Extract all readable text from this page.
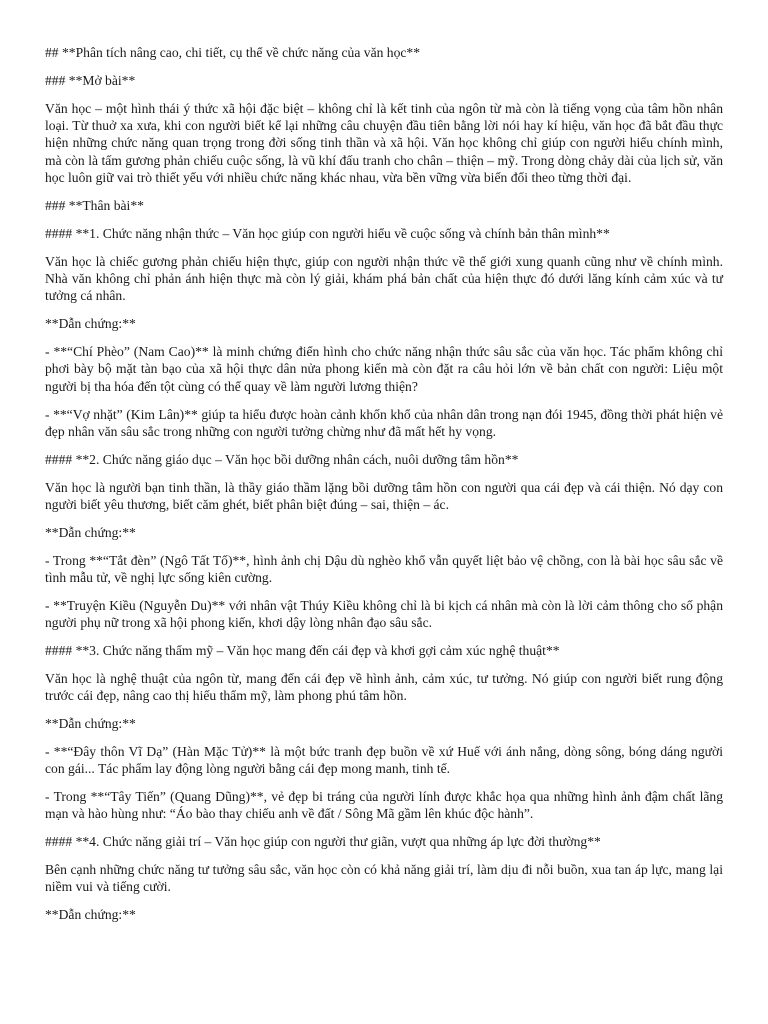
## **Phân tích nâng cao, chi tiết, cụ thể về chức năng của văn học**

### **Mở bài**

Văn học – một hình thái ý thức xã hội đặc biệt – không chỉ là kết tinh của ngôn từ mà còn là tiếng vọng của tâm hồn nhân loại. Từ thuở xa xưa, khi con người biết kể lại những câu chuyện đầu tiên bằng lời nói hay kí hiệu, văn học đã bắt đầu thực hiện những chức năng quan trọng trong đời sống tinh thần và xã hội. Văn học không chỉ giúp con người hiểu chính mình, mà còn là tấm gương phản chiếu cuộc sống, là vũ khí đấu tranh cho chân – thiện – mỹ. Trong dòng chảy dài của lịch sử, văn học luôn giữ vai trò thiết yếu với nhiều chức năng khác nhau, vừa bền vững vừa biến đổi theo từng thời đại.

### **Thân bài**

#### **1. Chức năng nhận thức – Văn học giúp con người hiểu về cuộc sống và chính bản thân mình**

Văn học là chiếc gương phản chiếu hiện thực, giúp con người nhận thức về thế giới xung quanh cũng như về chính mình. Nhà văn không chỉ phản ánh hiện thực mà còn lý giải, khám phá bản chất của hiện thực đó dưới lăng kính cảm xúc và tư tưởng cá nhân.

**Dẫn chứng:**

- **“Chí Phèo” (Nam Cao)** là minh chứng điển hình cho chức năng nhận thức sâu sắc của văn học. Tác phẩm không chỉ phơi bày bộ mặt tàn bạo của xã hội thực dân nửa phong kiến mà còn đặt ra câu hỏi lớn về bản chất con người: Liệu một người bị tha hóa đến tột cùng có thể quay về làm người lương thiện?

- **“Vợ nhặt” (Kim Lân)** giúp ta hiểu được hoàn cảnh khốn khổ của nhân dân trong nạn đói 1945, đồng thời phát hiện vẻ đẹp nhân văn sâu sắc trong những con người tưởng chừng như đã mất hết hy vọng.

#### **2. Chức năng giáo dục – Văn học bồi dưỡng nhân cách, nuôi dưỡng tâm hồn**

Văn học là người bạn tinh thần, là thầy giáo thầm lặng bồi dưỡng tâm hồn con người qua cái đẹp và cái thiện. Nó dạy con người biết yêu thương, biết căm ghét, biết phân biệt đúng – sai, thiện – ác.

**Dẫn chứng:**

- Trong **“Tắt đèn” (Ngô Tất Tố)**, hình ảnh chị Dậu dù nghèo khổ vẫn quyết liệt bảo vệ chồng, con là bài học sâu sắc về tình mẫu tử, về nghị lực sống kiên cường.

- **Truyện Kiều (Nguyễn Du)** với nhân vật Thúy Kiều không chỉ là bi kịch cá nhân mà còn là lời cảm thông cho số phận người phụ nữ trong xã hội phong kiến, khơi dậy lòng nhân đạo sâu sắc.

#### **3. Chức năng thẩm mỹ – Văn học mang đến cái đẹp và khơi gợi cảm xúc nghệ thuật**

Văn học là nghệ thuật của ngôn từ, mang đến cái đẹp về hình ảnh, cảm xúc, tư tưởng. Nó giúp con người biết rung động trước cái đẹp, nâng cao thị hiếu thẩm mỹ, làm phong phú tâm hồn.

**Dẫn chứng:**

- **“Đây thôn Vĩ Dạ” (Hàn Mặc Tử)** là một bức tranh đẹp buồn về xứ Huế với ánh nắng, dòng sông, bóng dáng người con gái... Tác phẩm lay động lòng người bằng cái đẹp mong manh, tinh tế.

- Trong **“Tây Tiến” (Quang Dũng)**, vẻ đẹp bi tráng của người lính được khắc họa qua những hình ảnh đậm chất lãng mạn và hào hùng như: “Áo bào thay chiếu anh về đất / Sông Mã gầm lên khúc độc hành”.

#### **4. Chức năng giải trí – Văn học giúp con người thư giãn, vượt qua những áp lực đời thường**

Bên cạnh những chức năng tư tưởng sâu sắc, văn học còn có khả năng giải trí, làm dịu đi nỗi buồn, xua tan áp lực, mang lại niềm vui và tiếng cười.

**Dẫn chứng:**
